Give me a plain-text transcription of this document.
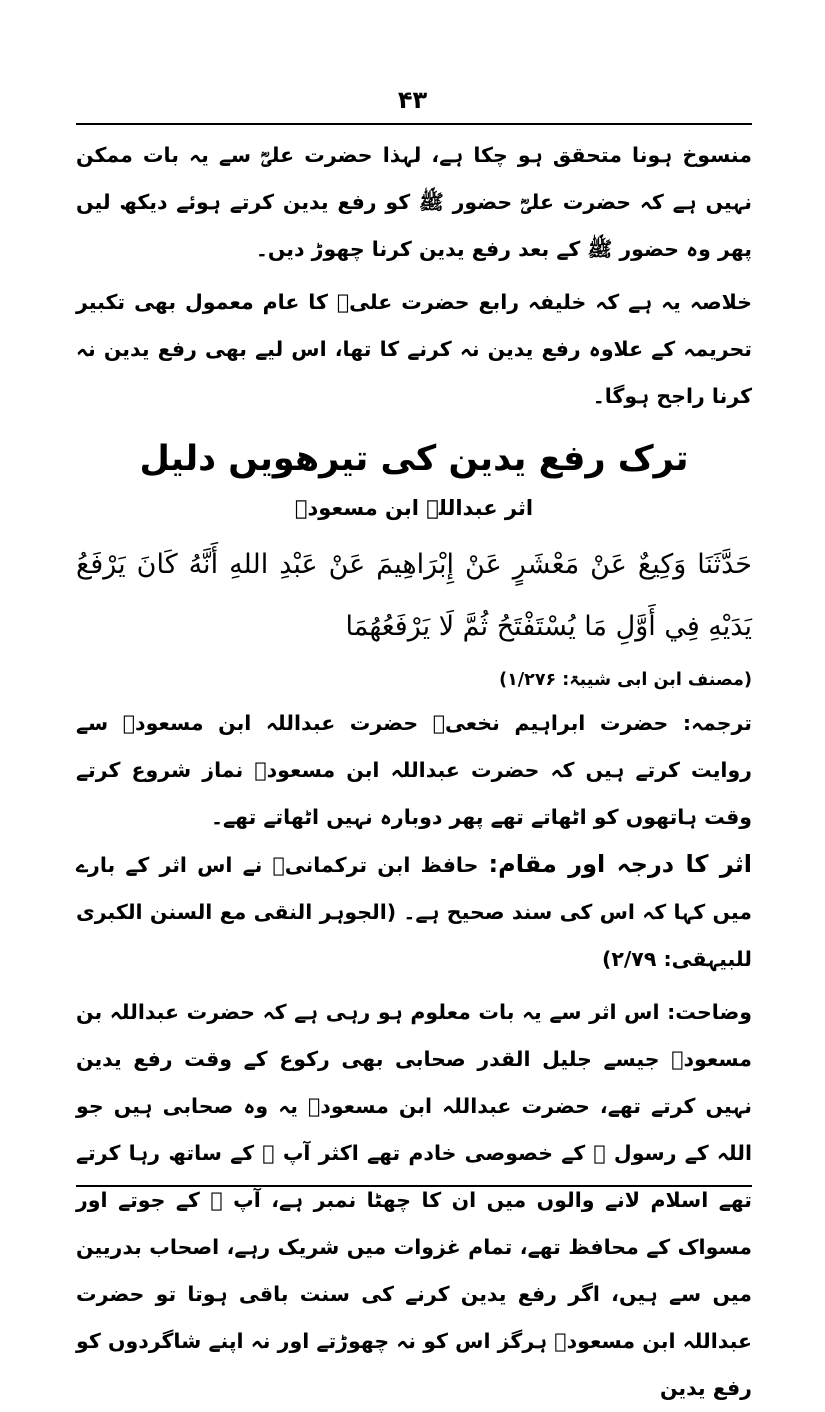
۴۳

منسوخ ہونا متحقق ہو چکا ہے، لہذا حضرت علیؓ سے یہ بات ممکن نہیں ہے کہ حضرت علیؓ حضور ﷺ کو رفع یدین کرتے ہوئے دیکھ لیں پھر وہ حضور ﷺ کے بعد رفع یدین کرنا چھوڑ دیں۔

خلاصہ یہ ہے کہ خلیفہ رابع حضرت علیؓ کا عام معمول بھی تکبیر تحریمہ کے علاوہ رفع یدین نہ کرنے کا تھا، اس لیے بھی رفع یدین نہ کرنا راجح ہوگا۔

ترک رفع یدین کی تیرھویں دلیل
اثر عبداللہ ابن مسعودؓ

حَدَّثَنَا وَكِيعٌ عَنْ مَعْشَرٍ عَنْ إِبْرَاهِيمَ عَنْ عَبْدِ اللهِ أَنَّهُ كَانَ يَرْفَعُ يَدَيْهِ فِي أَوَّلِ مَا يُسْتَفْتَحُ ثُمَّ لَا يَرْفَعُهُمَا

(مصنف ابن ابی شیبۃ: ۱/۲۷۶)

ترجمہ: حضرت ابراہیم نخعیؒ حضرت عبداللہ ابن مسعودؓ سے روایت کرتے ہیں کہ حضرت عبداللہ ابن مسعودؓ نماز شروع کرتے وقت ہاتھوں کو اٹھاتے تھے پھر دوبارہ نہیں اٹھاتے تھے۔

اثر کا درجہ اور مقام: حافظ ابن ترکمانیؒ نے اس اثر کے بارے میں کہا کہ اس کی سند صحیح ہے۔ (الجوہر النقی مع السنن الکبری للبیہقی: ۲/۷۹)

وضاحت: اس اثر سے یہ بات معلوم ہو رہی ہے کہ حضرت عبداللہ بن مسعودؓ جیسے جلیل القدر صحابی بھی رکوع کے وقت رفع یدین نہیں کرتے تھے، حضرت عبداللہ ابن مسعودؓ یہ وہ صحابی ہیں جو اللہ کے رسول ﷺ کے خصوصی خادم تھے اکثر آپ ﷺ کے ساتھ رہا کرتے تھے اسلام لانے والوں میں ان کا چھٹا نمبر ہے، آپ ﷺ کے جوتے اور مسواک کے محافظ تھے، تمام غزوات میں شریک رہے، اصحاب بدریین میں سے ہیں، اگر رفع یدین کرنے کی سنت باقی ہوتا تو حضرت عبداللہ ابن مسعودؓ ہرگز اس کو نہ چھوڑتے اور نہ اپنے شاگردوں کو رفع یدین
